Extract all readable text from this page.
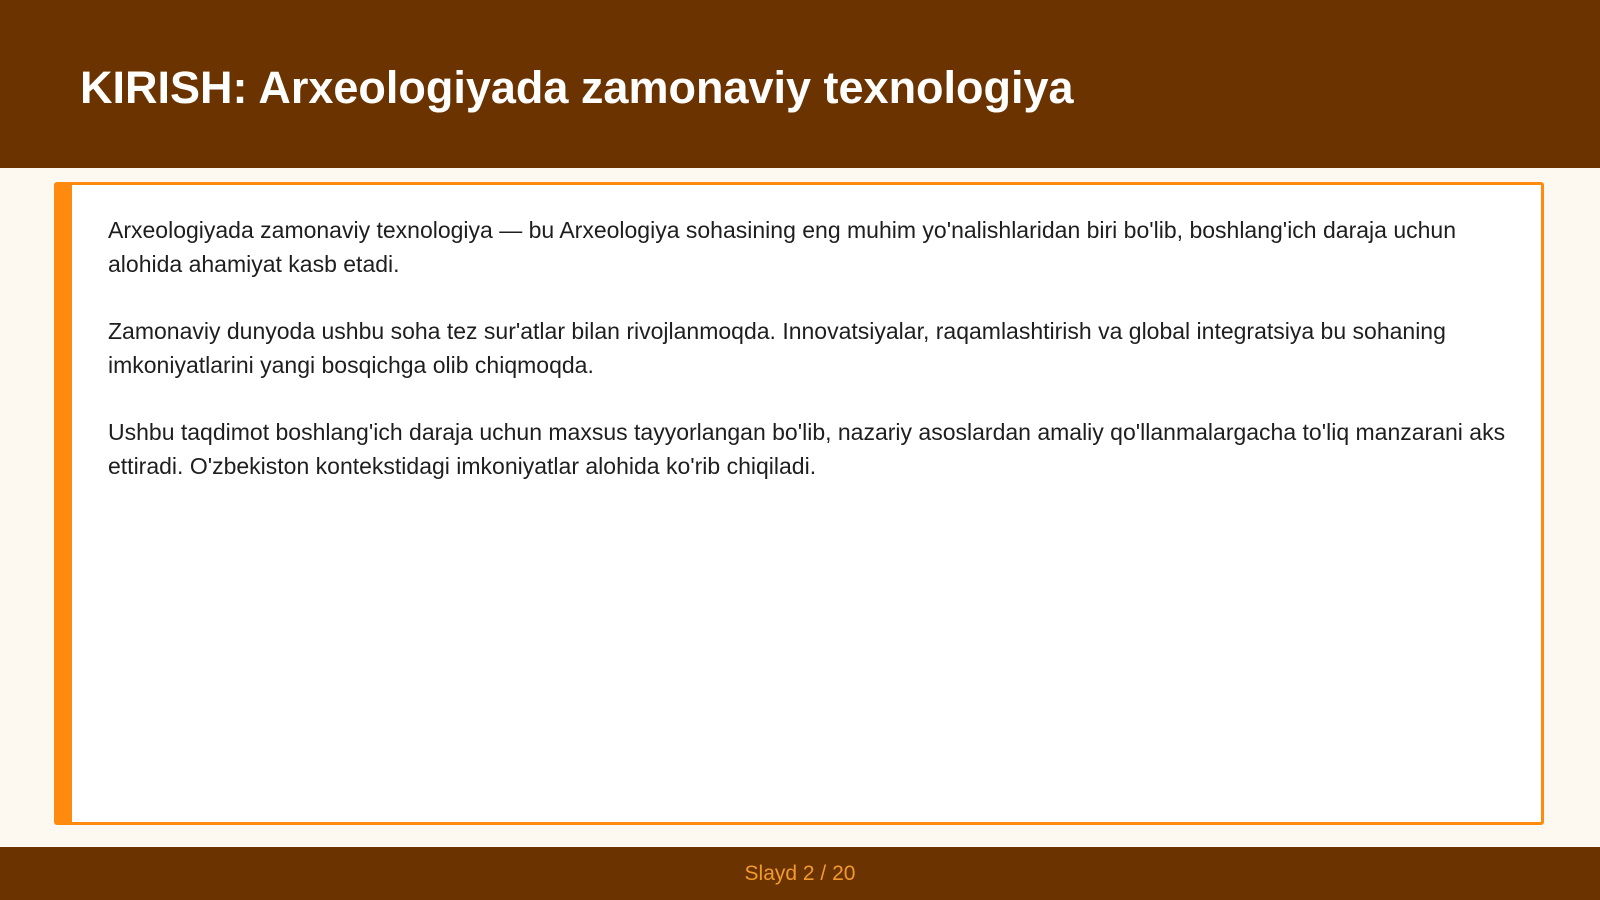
KIRISH: Arxeologiyada zamonaviy texnologiya

Arxeologiyada zamonaviy texnologiya — bu Arxeologiya sohasining eng muhim yo'nalishlaridan biri bo'lib, boshlang'ich daraja uchun alohida ahamiyat kasb etadi.

Zamonaviy dunyoda ushbu soha tez sur'atlar bilan rivojlanmoqda. Innovatsiyalar, raqamlashtirish va global integratsiya bu sohaning imkoniyatlarini yangi bosqichga olib chiqmoqda.

Ushbu taqdimot boshlang'ich daraja uchun maxsus tayyorlangan bo'lib, nazariy asoslardan amaliy qo'llanmalargacha to'liq manzarani aks ettiradi. O'zbekiston kontekstidagi imkoniyatlar alohida ko'rib chiqiladi.

Slayd 2 / 20
